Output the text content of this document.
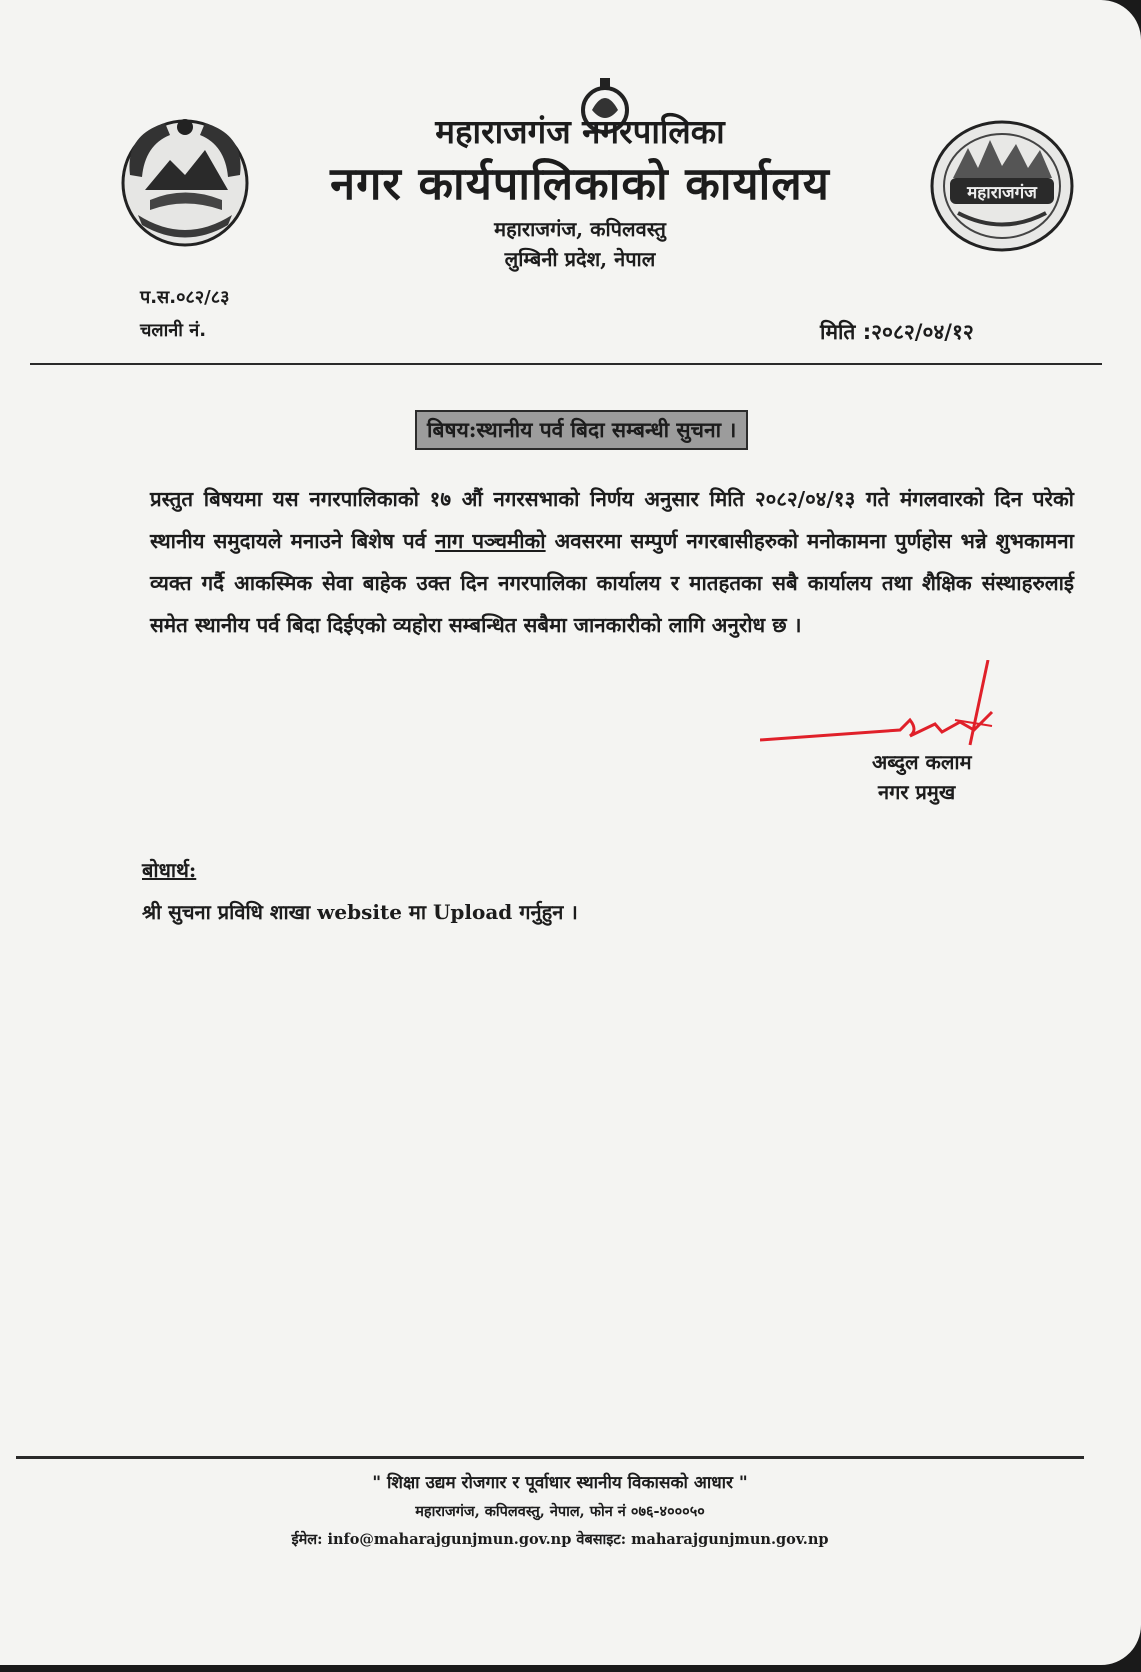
महाराजगंज नगरपालिका

नगर कार्यपालिकाको कार्यालय

महाराजगंज, कपिलवस्तु
लुम्बिनी प्रदेश, नेपाल
महाराजगंज
प.स.०८२/८३
चलानी नं.	मिति :२०८२/०४/१२
बिषय:स्थानीय पर्व बिदा सम्बन्धी सुचना ।
प्रस्तुत बिषयमा यस नगरपालिकाको १७ औं नगरसभाको निर्णय अनुसार मिति २०८२/०४/१३ गते मंगलवारको दिन परेको स्थानीय समुदायले मनाउने बिशेष पर्व नाग पञ्चमीको अवसरमा सम्पुर्ण नगरबासीहरुको मनोकामना पुर्णहोस भन्ने शुभकामना व्यक्त गर्दै आकस्मिक सेवा बाहेक उक्त दिन नगरपालिका कार्यालय र मातहतका सबै कार्यालय तथा शैक्षिक संस्थाहरुलाई समेत स्थानीय पर्व बिदा दिईएको व्यहोरा सम्बन्धित सबैमा जानकारीको लागि अनुरोध छ ।
अब्दुल कलाम
नगर प्रमुख
बोधार्थ:
श्री सुचना प्रविधि शाखा website मा Upload गर्नुहुन ।
" शिक्षा उद्यम रोजगार र पूर्वाधार स्थानीय विकासको आधार "
महाराजगंज, कपिलवस्तु, नेपाल, फोन नं ०७६-४०००५०
ईमेल: info@maharajgunjmun.gov.np वेबसाइट: maharajgunjmun.gov.np
